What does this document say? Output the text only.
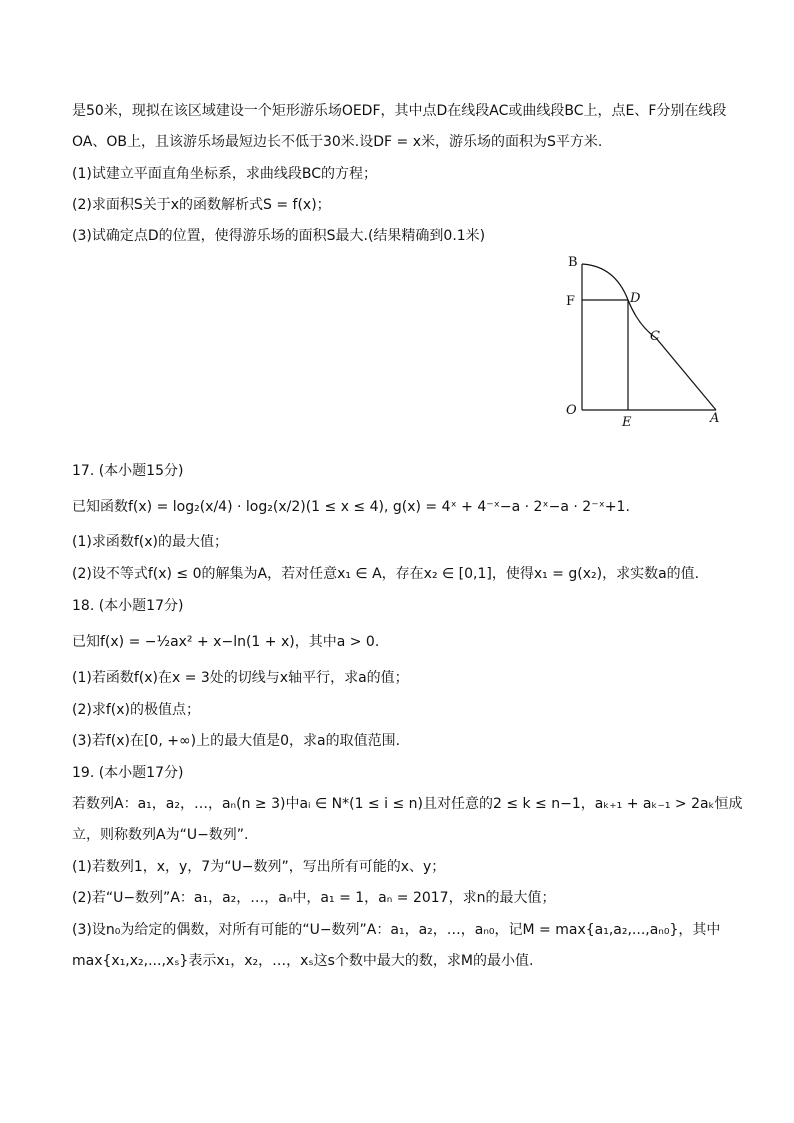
是50米，现拟在该区域建设一个矩形游乐场OEDF，其中点D在线段AC或曲线段BC上，点E、F分别在线段
OA、OB上，且该游乐场最短边长不低于30米.设DF = x米，游乐场的面积为S平方米.
(1)试建立平面直角坐标系，求曲线段BC的方程；
(2)求面积S关于x的函数解析式S = f(x)；
(3)试确定点D的位置，使得游乐场的面积S最大.(结果精确到0.1米)
B
F	D
C
O
E	A
17. (本小题15分)
已知函数f(x) = log₂(x/4) · log₂(x/2)(1 ≤ x ≤ 4), g(x) = 4ˣ + 4⁻ˣ−a · 2ˣ−a · 2⁻ˣ+1.
(1)求函数f(x)的最大值；
(2)设不等式f(x) ≤ 0的解集为A，若对任意x₁ ∈ A，存在x₂ ∈ [0,1]，使得x₁ = g(x₂)，求实数a的值.
18. (本小题17分)
已知f(x) = −½ax² + x−ln(1 + x)，其中a > 0.
(1)若函数f(x)在x = 3处的切线与x轴平行，求a的值；
(2)求f(x)的极值点；
(3)若f(x)在[0, +∞)上的最大值是0，求a的取值范围.
19. (本小题17分)
若数列A：a₁，a₂，…，aₙ(n ≥ 3)中aᵢ ∈ N*(1 ≤ i ≤ n)且对任意的2 ≤ k ≤ n−1，aₖ₊₁ + aₖ₋₁ > 2aₖ恒成
立，则称数列A为“U−数列”.
(1)若数列1，x，y，7为“U−数列”，写出所有可能的x、y；
(2)若“U−数列”A：a₁，a₂，…，aₙ中，a₁ = 1，aₙ = 2017，求n的最大值；
(3)设n₀为给定的偶数，对所有可能的“U−数列”A：a₁，a₂，…，aₙ₀，记M = max{a₁,a₂,...,aₙ₀}，其中
max{x₁,x₂,...,xₛ}表示x₁，x₂，…，xₛ这s个数中最大的数，求M的最小值.
